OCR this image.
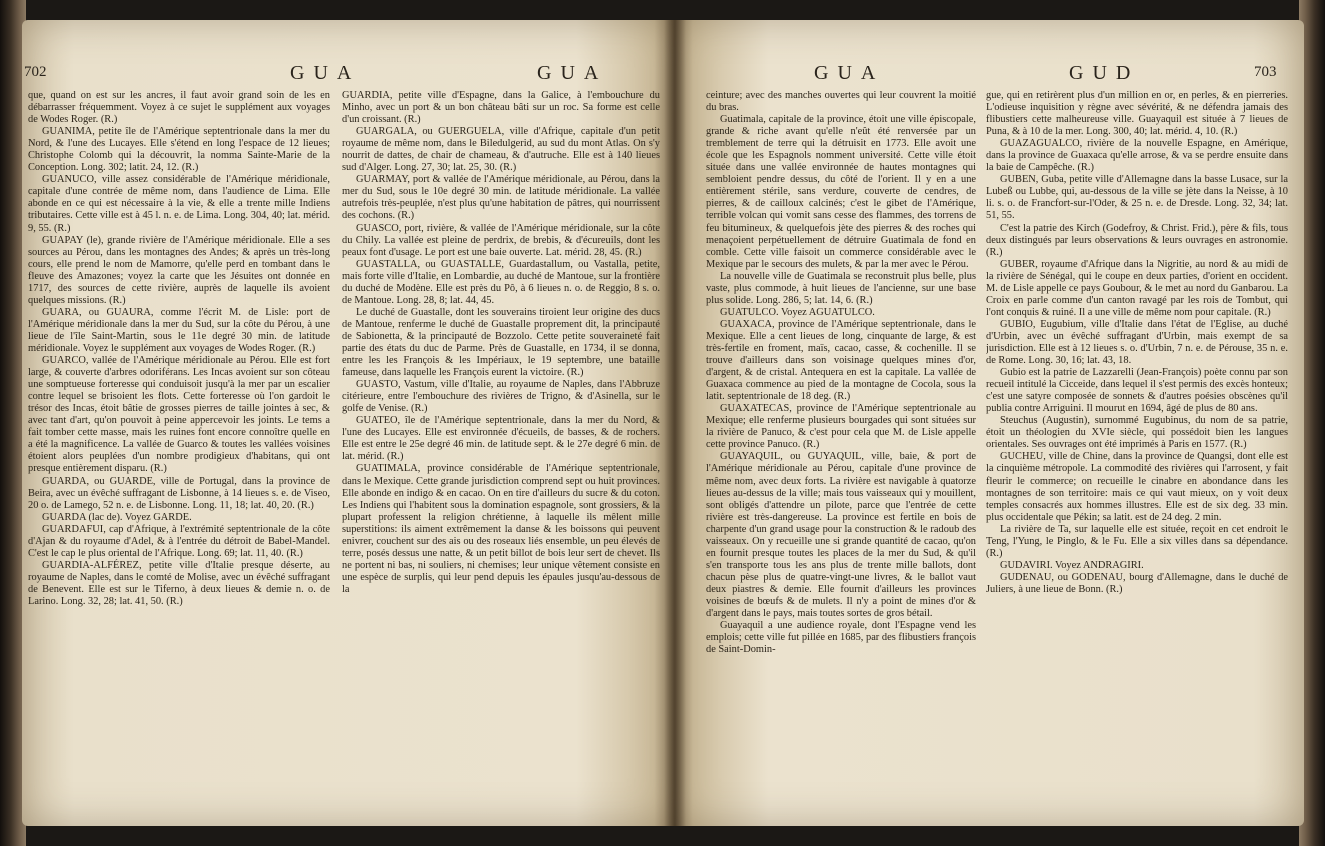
702	GUA	GUA

que, quand on est sur les ancres, il faut avoir grand soin de les en débarrasser fréquemment. Voyez à ce sujet le supplément aux voyages de Wodes Roger. (R.)

GUANIMA, petite île de l'Amérique septentrionale dans la mer du Nord, & l'une des Lucayes. Elle s'étend en long l'espace de 12 lieues; Christophe Colomb qui la découvrit, la nomma Sainte-Marie de la Conception. Long. 302; latit. 24, 12. (R.)

GUANUCO, ville assez considérable de l'Amérique méridionale, capitale d'une contrée de même nom, dans l'audience de Lima. Elle abonde en ce qui est nécessaire à la vie, & elle a trente mille Indiens tributaires. Cette ville est à 45 l. n. e. de Lima. Long. 304, 40; lat. mérid. 9, 55. (R.)

GUAPAY (le), grande rivière de l'Amérique méridionale. Elle a ses sources au Pérou, dans les montagnes des Andes; & après un très-long cours, elle prend le nom de Mamorre, qu'elle perd en tombant dans le fleuve des Amazones; voyez la carte que les Jésuites ont donnée en 1717, des sources de cette rivière, auprès de laquelle ils avoient quelques missions. (R.)

GUARA, ou GUAURA, comme l'écrit M. de Lisle: port de l'Amérique méridionale dans la mer du Sud, sur la côte du Pérou, à une lieue de l'île Saint-Martin, sous le 11e degré 30 min. de latitude méridionale. Voyez le supplément aux voyages de Wodes Roger. (R.)

GUARCO, vallée de l'Amérique méridionale au Pérou. Elle est fort large, & couverte d'arbres odoriférans. Les Incas avoient sur son côteau une somptueuse forteresse qui conduisoit jusqu'à la mer par un escalier contre lequel se brisoient les flots. Cette forteresse où l'on gardoit le trésor des Incas, étoit bâtie de grosses pierres de taille jointes à sec, & avec tant d'art, qu'on pouvoit à peine appercevoir les joints. Le tems a fait tomber cette masse, mais les ruines font encore connoître quelle en a été la magnificence. La vallée de Guarco & toutes les vallées voisines étoient alors peuplées d'un nombre prodigieux d'habitans, qui ont presque entièrement disparu. (R.)

GUARDA, ou GUARDE, ville de Portugal, dans la province de Beira, avec un évêché suffragant de Lisbonne, à 14 lieues s. e. de Viseo, 20 o. de Lamego, 52 n. e. de Lisbonne. Long. 11, 18; lat. 40, 20. (R.)

GUARDA (lac de). Voyez GARDE.

GUARDAFUI, cap d'Afrique, à l'extrémité septentrionale de la côte d'Ajan & du royaume d'Adel, & à l'entrée du détroit de Babel-Mandel. C'est le cap le plus oriental de l'Afrique. Long. 69; lat. 11, 40. (R.)

GUARDIA-ALFÉREZ, petite ville d'Italie presque déserte, au royaume de Naples, dans le comté de Molise, avec un évêché suffragant de Benevent. Elle est sur le Tiferno, à deux lieues & demie n. o. de Larino. Long. 32, 28; lat. 41, 50. (R.)

GUARDIA, petite ville d'Espagne, dans la Galice, à l'embouchure du Minho, avec un port & un bon château bâti sur un roc. Sa forme est celle d'un croissant. (R.)

GUARGALA, ou GUERGUELA, ville d'Afrique, capitale d'un petit royaume de même nom, dans le Biledulgerid, au sud du mont Atlas. On s'y nourrit de dattes, de chair de chameau, & d'autruche. Elle est à 140 lieues sud d'Alger. Long. 27, 30; lat. 25, 30. (R.)

GUARMAY, port & vallée de l'Amérique méridionale, au Pérou, dans la mer du Sud, sous le 10e degré 30 min. de latitude méridionale. La vallée autrefois très-peuplée, n'est plus qu'une habitation de pâtres, qui nourrissent des cochons. (R.)

GUASCO, port, rivière, & vallée de l'Amérique méridionale, sur la côte du Chily. La vallée est pleine de perdrix, de brebis, & d'écureuils, dont les peaux font d'usage. Le port est une baie ouverte. Lat. mérid. 28, 45. (R.)

GUASTALLA, ou GUASTALLE, Guardastallum, ou Vastalla, petite, mais forte ville d'Italie, en Lombardie, au duché de Mantoue, sur la frontière du duché de Modène. Elle est près du Pô, à 6 lieues n. o. de Reggio, 8 s. o. de Mantoue. Long. 28, 8; lat. 44, 45.

Le duché de Guastalle, dont les souverains tiroient leur origine des ducs de Mantoue, renferme le duché de Guastalle proprement dit, la principauté de Sabionetta, & la principauté de Bozzolo. Cette petite souveraineté fait partie des états du duc de Parme. Près de Guastalle, en 1734, il se donna, entre les les François & les Impériaux, le 19 septembre, une bataille fameuse, dans laquelle les François eurent la victoire. (R.)

GUASTO, Vastum, ville d'Italie, au royaume de Naples, dans l'Abbruze citérieure, entre l'embouchure des rivières de Trigno, & d'Asinella, sur le golfe de Venise. (R.)

GUATEO, île de l'Amérique septentrionale, dans la mer du Nord, & l'une des Lucayes. Elle est environnée d'écueils, de basses, & de rochers. Elle est entre le 25e degré 46 min. de latitude sept. & le 27e degré 6 min. de lat. mérid. (R.)

GUATIMALA, province considérable de l'Amérique septentrionale, dans le Mexique. Cette grande jurisdiction comprend sept ou huit provinces. Elle abonde en indigo & en cacao. On en tire d'ailleurs du sucre & du coton. Les Indiens qui l'habitent sous la domination espagnole, sont grossiers, & la plupart professent la religion chrétienne, à laquelle ils mêlent mille superstitions: ils aiment extrêmement la danse & les boissons qui peuvent enivrer, couchent sur des ais ou des roseaux liés ensemble, un peu élevés de terre, posés dessus une natte, & un petit billot de bois leur sert de chevet. Ils ne portent ni bas, ni souliers, ni chemises; leur unique vêtement consiste en une espèce de surplis, qui leur pend depuis les épaules jusqu'au-dessous de la

GUA	GUD	703

ceinture; avec des manches ouvertes qui leur couvrent la moitié du bras.

Guatimala, capitale de la province, étoit une ville épiscopale, grande & riche avant qu'elle n'eût été renversée par un tremblement de terre qui la détruisit en 1773. Elle avoit une école que les Espagnols nomment université. Cette ville étoit située dans une vallée environnée de hautes montagnes qui sembloient pendre dessus, du côté de l'orient. Il y en a une entièrement stérile, sans verdure, couverte de cendres, de pierres, & de cailloux calcinés; c'est le gibet de l'Amérique, terrible volcan qui vomit sans cesse des flammes, des torrens de feu bitumineux, & quelquefois jète des pierres & des roches qui menaçoient perpétuellement de détruire Guatimala de fond en comble. Cette ville faisoit un commerce considérable avec le Mexique par le secours des mulets, & par la mer avec le Pérou.

La nouvelle ville de Guatimala se reconstruit plus belle, plus vaste, plus commode, à huit lieues de l'ancienne, sur une base plus solide. Long. 286, 5; lat. 14, 6. (R.)

GUATULCO. Voyez AGUATULCO.

GUAXACA, province de l'Amérique septentrionale, dans le Mexique. Elle a cent lieues de long, cinquante de large, & est très-fertile en froment, maïs, cacao, casse, & cochenille. Il se trouve d'ailleurs dans son voisinage quelques mines d'or, d'argent, & de cristal. Antequera en est la capitale. La vallée de Guaxaca commence au pied de la montagne de Cocola, sous la latit. septentrionale de 18 deg. (R.)

GUAXATECAS, province de l'Amérique septentrionale au Mexique; elle renferme plusieurs bourgades qui sont situées sur la rivière de Panuco, & c'est pour cela que M. de Lisle appelle cette province Panuco. (R.)

GUAYAQUIL, ou GUYAQUIL, ville, baie, & port de l'Amérique méridionale au Pérou, capitale d'une province de même nom, avec deux forts. La rivière est navigable à quatorze lieues au-dessus de la ville; mais tous vaisseaux qui y mouillent, sont obligés d'attendre un pilote, parce que l'entrée de cette rivière est très-dangereuse. La province est fertile en bois de charpente d'un grand usage pour la construction & le radoub des vaisseaux. On y recueille une si grande quantité de cacao, qu'on en fournit presque toutes les places de la mer du Sud, & qu'il s'en transporte tous les ans plus de trente mille ballots, dont chacun pèse plus de quatre-vingt-une livres, & le ballot vaut deux piastres & demie. Elle fournit d'ailleurs les provinces voisines de bœufs & de mulets. Il n'y a point de mines d'or & d'argent dans le pays, mais toutes sortes de gros bétail.

Guayaquil a une audience royale, dont l'Espagne vend les emplois; cette ville fut pillée en 1685, par des flibustiers françois de Saint-Domin-

gue, qui en retirèrent plus d'un million en or, en perles, & en pierreries. L'odieuse inquisition y règne avec sévérité, & ne défendra jamais des flibustiers cette malheureuse ville. Guayaquil est située à 7 lieues de Puna, & à 10 de la mer. Long. 300, 40; lat. mérid. 4, 10. (R.)

GUAZAGUALCO, rivière de la nouvelle Espagne, en Amérique, dans la province de Guaxaca qu'elle arrose, & va se perdre ensuite dans la baie de Campêche. (R.)

GUBEN, Guba, petite ville d'Allemagne dans la basse Lusace, sur la Lubeß ou Lubbe, qui, au-dessous de la ville se jète dans la Neisse, à 10 li. s. o. de Francfort-sur-l'Oder, & 25 n. e. de Dresde. Long. 32, 34; lat. 51, 55.

C'est la patrie des Kirch (Godefroy, & Christ. Frid.), père & fils, tous deux distingués par leurs observations & leurs ouvrages en astronomie. (R.)

GUBER, royaume d'Afrique dans la Nigritie, au nord & au midi de la rivière de Sénégal, qui le coupe en deux parties, d'orient en occident. M. de Lisle appelle ce pays Goubour, & le met au nord du Ganbarou. La Croix en parle comme d'un canton ravagé par les rois de Tombut, qui l'ont conquis & ruiné. Il a une ville de même nom pour capitale. (R.)

GUBIO, Eugubium, ville d'Italie dans l'état de l'Eglise, au duché d'Urbin, avec un évêché suffragant d'Urbin, mais exempt de sa jurisdiction. Elle est à 12 lieues s. o. d'Urbin, 7 n. e. de Pérouse, 35 n. e. de Rome. Long. 30, 16; lat. 43, 18.

Gubio est la patrie de Lazzarelli (Jean-François) poète connu par son recueil intitulé la Cicceide, dans lequel il s'est permis des excès honteux; c'est une satyre composée de sonnets & d'autres poésies obscènes qu'il publia contre Arriguini. Il mourut en 1694, âgé de plus de 80 ans.

Steuchus (Augustin), surnommé Eugubinus, du nom de sa patrie, étoit un théologien du XVIe siècle, qui possédoit bien les langues orientales. Ses ouvrages ont été imprimés à Paris en 1577. (R.)

GUCHEU, ville de Chine, dans la province de Quangsi, dont elle est la cinquième métropole. La commodité des rivières qui l'arrosent, y fait fleurir le commerce; on recueille le cinabre en abondance dans les montagnes de son territoire: mais ce qui vaut mieux, on y voit deux temples consacrés aux hommes illustres. Elle est de six deg. 33 min. plus occidentale que Pékin; sa latit. est de 24 deg. 2 min.

La rivière de Ta, sur laquelle elle est située, reçoit en cet endroit le Teng, l'Yung, le Pinglo, & le Fu. Elle a six villes dans sa dépendance. (R.)

GUDAVIRI. Voyez ANDRAGIRI.

GUDENAU, ou GODENAU, bourg d'Allemagne, dans le duché de Juliers, à une lieue de Bonn. (R.)
